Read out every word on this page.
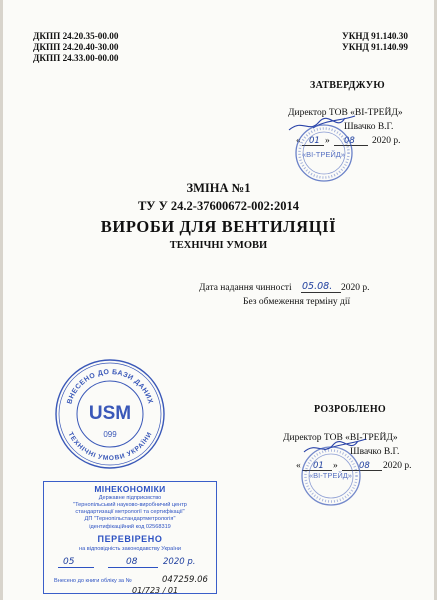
ДКПП 24.20.35-00.00
ДКПП 24.20.40-30.00
ДКПП 24.33.00-00.00
УКНД 91.140.30
УКНД 91.140.99
ЗАТВЕРДЖУЮ
Директор ТОВ «ВІ-ТРЕЙД»
Швачко В.Г.
« 01 » 08 2020 р.
«ВІ-ТРЕЙД»
ЗМІНА №1
ТУ У 24.2-37600672-002:2014
ВИРОБИ ДЛЯ ВЕНТИЛЯЦІЇ
ТЕХНІЧНІ УМОВИ
Дата надання чинності 05.08. 2020 р.
Без обмеження терміну дії
ВНЕСЕНО ДО БАЗИ ДАНИХ
ТЕХНІЧНІ УМОВИ УКРАЇНИ
USM
099
РОЗРОБЛЕНО
Директор ТОВ «ВІ-ТРЕЙД»
Швачко В.Г.
« 01 »	08 2020 р.
«ВІ-ТРЕЙД»
МІНЕКОНОМІКИ
Державне підприємство
"Тернопільський науково-виробничий центр
стандартизації метрології та сертифікації"
ДП "Тернопільстандартметрологія"
ідентифікаційний код 02568319
ПЕРЕВІРЕНО
на відповідність законодавству України
05	08	2020 р.
Внесено до книги обліку за №	047259.06
01/723 / 01
